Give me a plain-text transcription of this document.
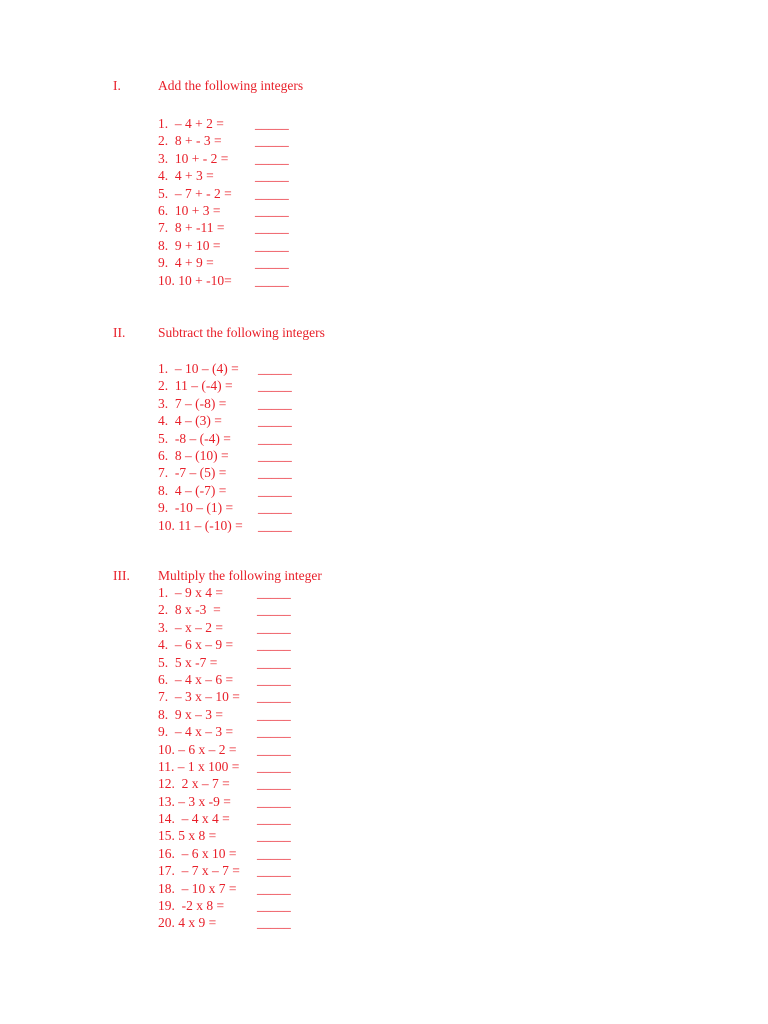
I.	Add the following integers
1.  – 4 + 2 = _____
2.  8 + - 3 = _____
3.  10 + - 2 = _____
4.  4 + 3 =	_____
5.  – 7 + - 2 = _____
6.  10 + 3 =	_____
7.  8 + -11 = _____
8.  9 + 10 =	_____
9.  4 + 9 =	_____
10. 10 + -10= _____
II. Subtract the following integers
1.  – 10 – (4) = _____
2.  11 – (-4) = _____
3.  7 – (-8) = _____
4.  4 – (3) =	_____
5.  -8 – (-4) = _____
6.  8 – (10) = _____
7.  -7 – (5) = _____
8.  4 – (-7) = _____
9.  -10 – (1) = _____
10. 11 – (-10) = _____
III. Multiply the following integer
1.  – 9 x 4 =	_____
2.  8 x -3  =	_____
3.  – x – 2 =	_____
4.  – 6 x – 9 = _____
5.  5 x -7 =	_____
6.  – 4 x – 6 = _____
7.  – 3 x – 10 = _____
8.  9 x – 3 =	_____
9.  – 4 x – 3 = _____
10. – 6 x – 2 = _____
11. – 1 x 100 = _____
12.  2 x – 7 = _____
13. – 3 x -9 = _____
14.  – 4 x 4 = _____
15. 5 x 8 =	_____
16.  – 6 x 10 = _____
17.  – 7 x – 7 = _____
18.  – 10 x 7 = _____
19.  -2 x 8 = _____
20. 4 x 9 =	_____
